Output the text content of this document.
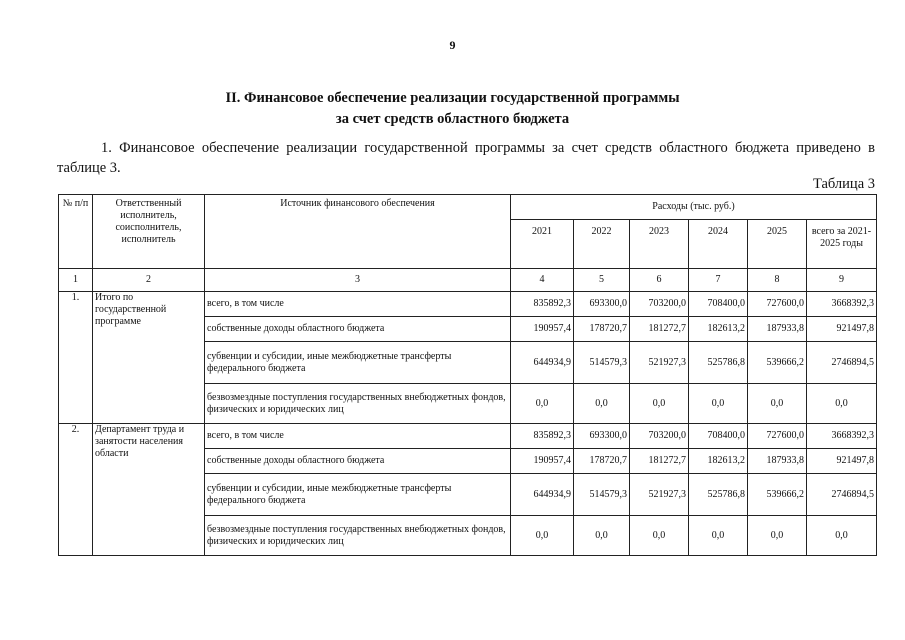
9
II. Финансовое обеспечение реализации государственной программы
за счет средств областного бюджета
1. Финансовое обеспечение реализации государственной программы за счет средств областного бюджета приведено в таблице 3.
Таблица 3
№ п/п	Ответственный исполнитель, соисполнитель, исполнитель	Источник финансового обеспечения	Расходы (тыс. руб.)					
			2021	2022	2023	2024	2025	всего за 2021-2025 годы
1	2	3	4	5	6	7	8	9
1.	Итого по государственной программе	всего, в том числе	835892,3	693300,0	703200,0	708400,0	727600,0	3668392,3
		собственные доходы областного бюджета	190957,4	178720,7	181272,7	182613,2	187933,8	921497,8
		субвенции и субсидии, иные межбюджетные трансферты федерального бюджета	644934,9	514579,3	521927,3	525786,8	539666,2	2746894,5
		безвозмездные поступления государственных внебюджетных фондов, физических и юридических лиц	0,0	0,0	0,0	0,0	0,0	0,0
2.	Департамент труда и занятости населения области	всего, в том числе	835892,3	693300,0	703200,0	708400,0	727600,0	3668392,3
		собственные доходы областного бюджета	190957,4	178720,7	181272,7	182613,2	187933,8	921497,8
		субвенции и субсидии, иные межбюджетные трансферты федерального бюджета	644934,9	514579,3	521927,3	525786,8	539666,2	2746894,5
		безвозмездные поступления государственных внебюджетных фондов, физических и юридических лиц	0,0	0,0	0,0	0,0	0,0	0,0
